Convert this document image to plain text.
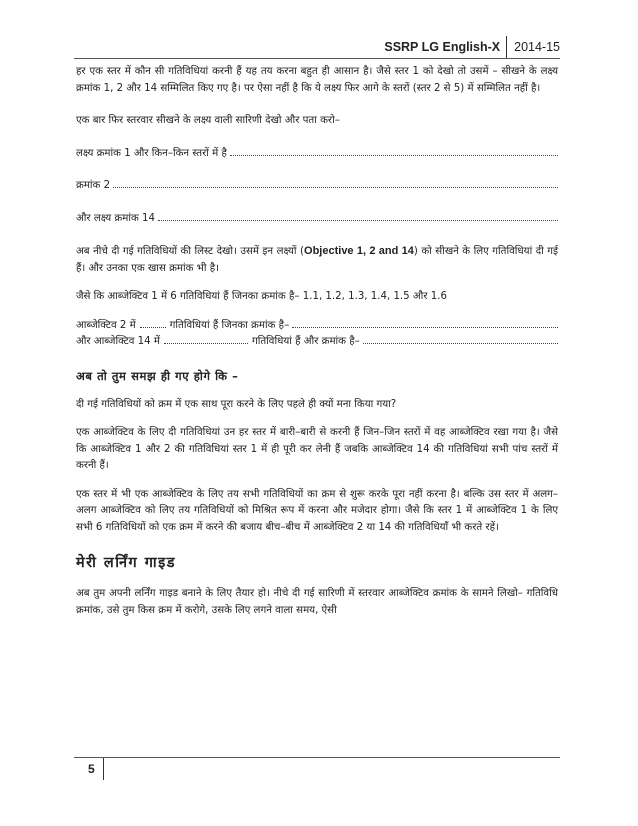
SSRP LG English-X	2014-15

हर एक स्तर में कौन सी गतिविधियां करनी हैं यह तय करना बहुत ही आसान है। जैसे स्तर 1 को देखो तो उसमें – सीखने के लक्ष्य क्रमांक 1, 2 और 14 सम्मिलित किए गए है। पर ऐसा नहीं है कि ये लक्ष्य फिर आगे के स्तरों (स्तर 2 से 5) में सम्मिलित नहीं है।

एक बार फिर स्तरवार सीखने के लक्ष्य वाली सारिणी देखो और पता करो–

लक्ष्य क्रमांक 1 और किन–किन स्तरों में है
क्रमांक 2
और लक्ष्य क्रमांक 14

अब नीचे दी गई गतिविधियों की लिस्ट देखो। उसमें इन लक्ष्यों (Objective 1, 2 and 14) को सीखने के लिए गतिविधियां दी गई हैं। और उनका एक खास क्रमांक भी है।

जैसे कि आब्जेक्टिव 1 में 6 गतिविधियां हैं जिनका क्रमांक है– 1.1, 1.2, 1.3, 1.4, 1.5 और 1.6

आब्जेक्टिव 2 में	गतिविधियां हैं जिनका क्रमांक है–
और आब्जेक्टिव 14 में	गतिविधियां हैं और क्रमांक है–

अब तो तुम समझ ही गए होगे कि –

दी गई गतिविधियों को क्रम में एक साथ पूरा करने के लिए पहले ही क्यों मना किया गया?

एक आब्जेक्टिव के लिए दी गतिविधियां उन हर स्तर में बारी–बारी से करनी हैं जिन–जिन स्तरों में वह आब्जेक्टिव रखा गया है। जैसे कि आब्जेक्टिव 1 और 2 की गतिविधियां स्तर 1 में ही पूरी कर लेनी हैं जबकि आब्जेक्टिव 14 की गतिविधियां सभी पांच स्तरों में करनी हैं।

एक स्तर में भी एक आब्जेक्टिव के लिए तय सभी गतिविधियों का क्रम से शुरू करके पूरा नहीं करना है। बल्कि उस स्तर में अलग–अलग आब्जेक्टिव को लिए तय गतिविधियों को मिश्रित रूप में करना और मजेदार होगा। जैसे कि स्तर 1 में आब्जेक्टिव 1 के लिए सभी 6 गतिविधियों को एक क्रम में करने की बजाय बीच–बीच में आब्जेक्टिव 2 या 14 की गतिविधियाँ भी करते रहें।

मेरी लर्निंग गाइड

अब तुम अपनी लर्निंग गाइड बनाने के लिए तैयार हो। नीचे दी गई सारिणी में स्तरवार आब्जेक्टिव क्रमांक के सामने लिखो– गतिविधि क्रमांक, उसे तुम किस क्रम में करोगे, उसके लिए लगने वाला समय, ऐसी

5
